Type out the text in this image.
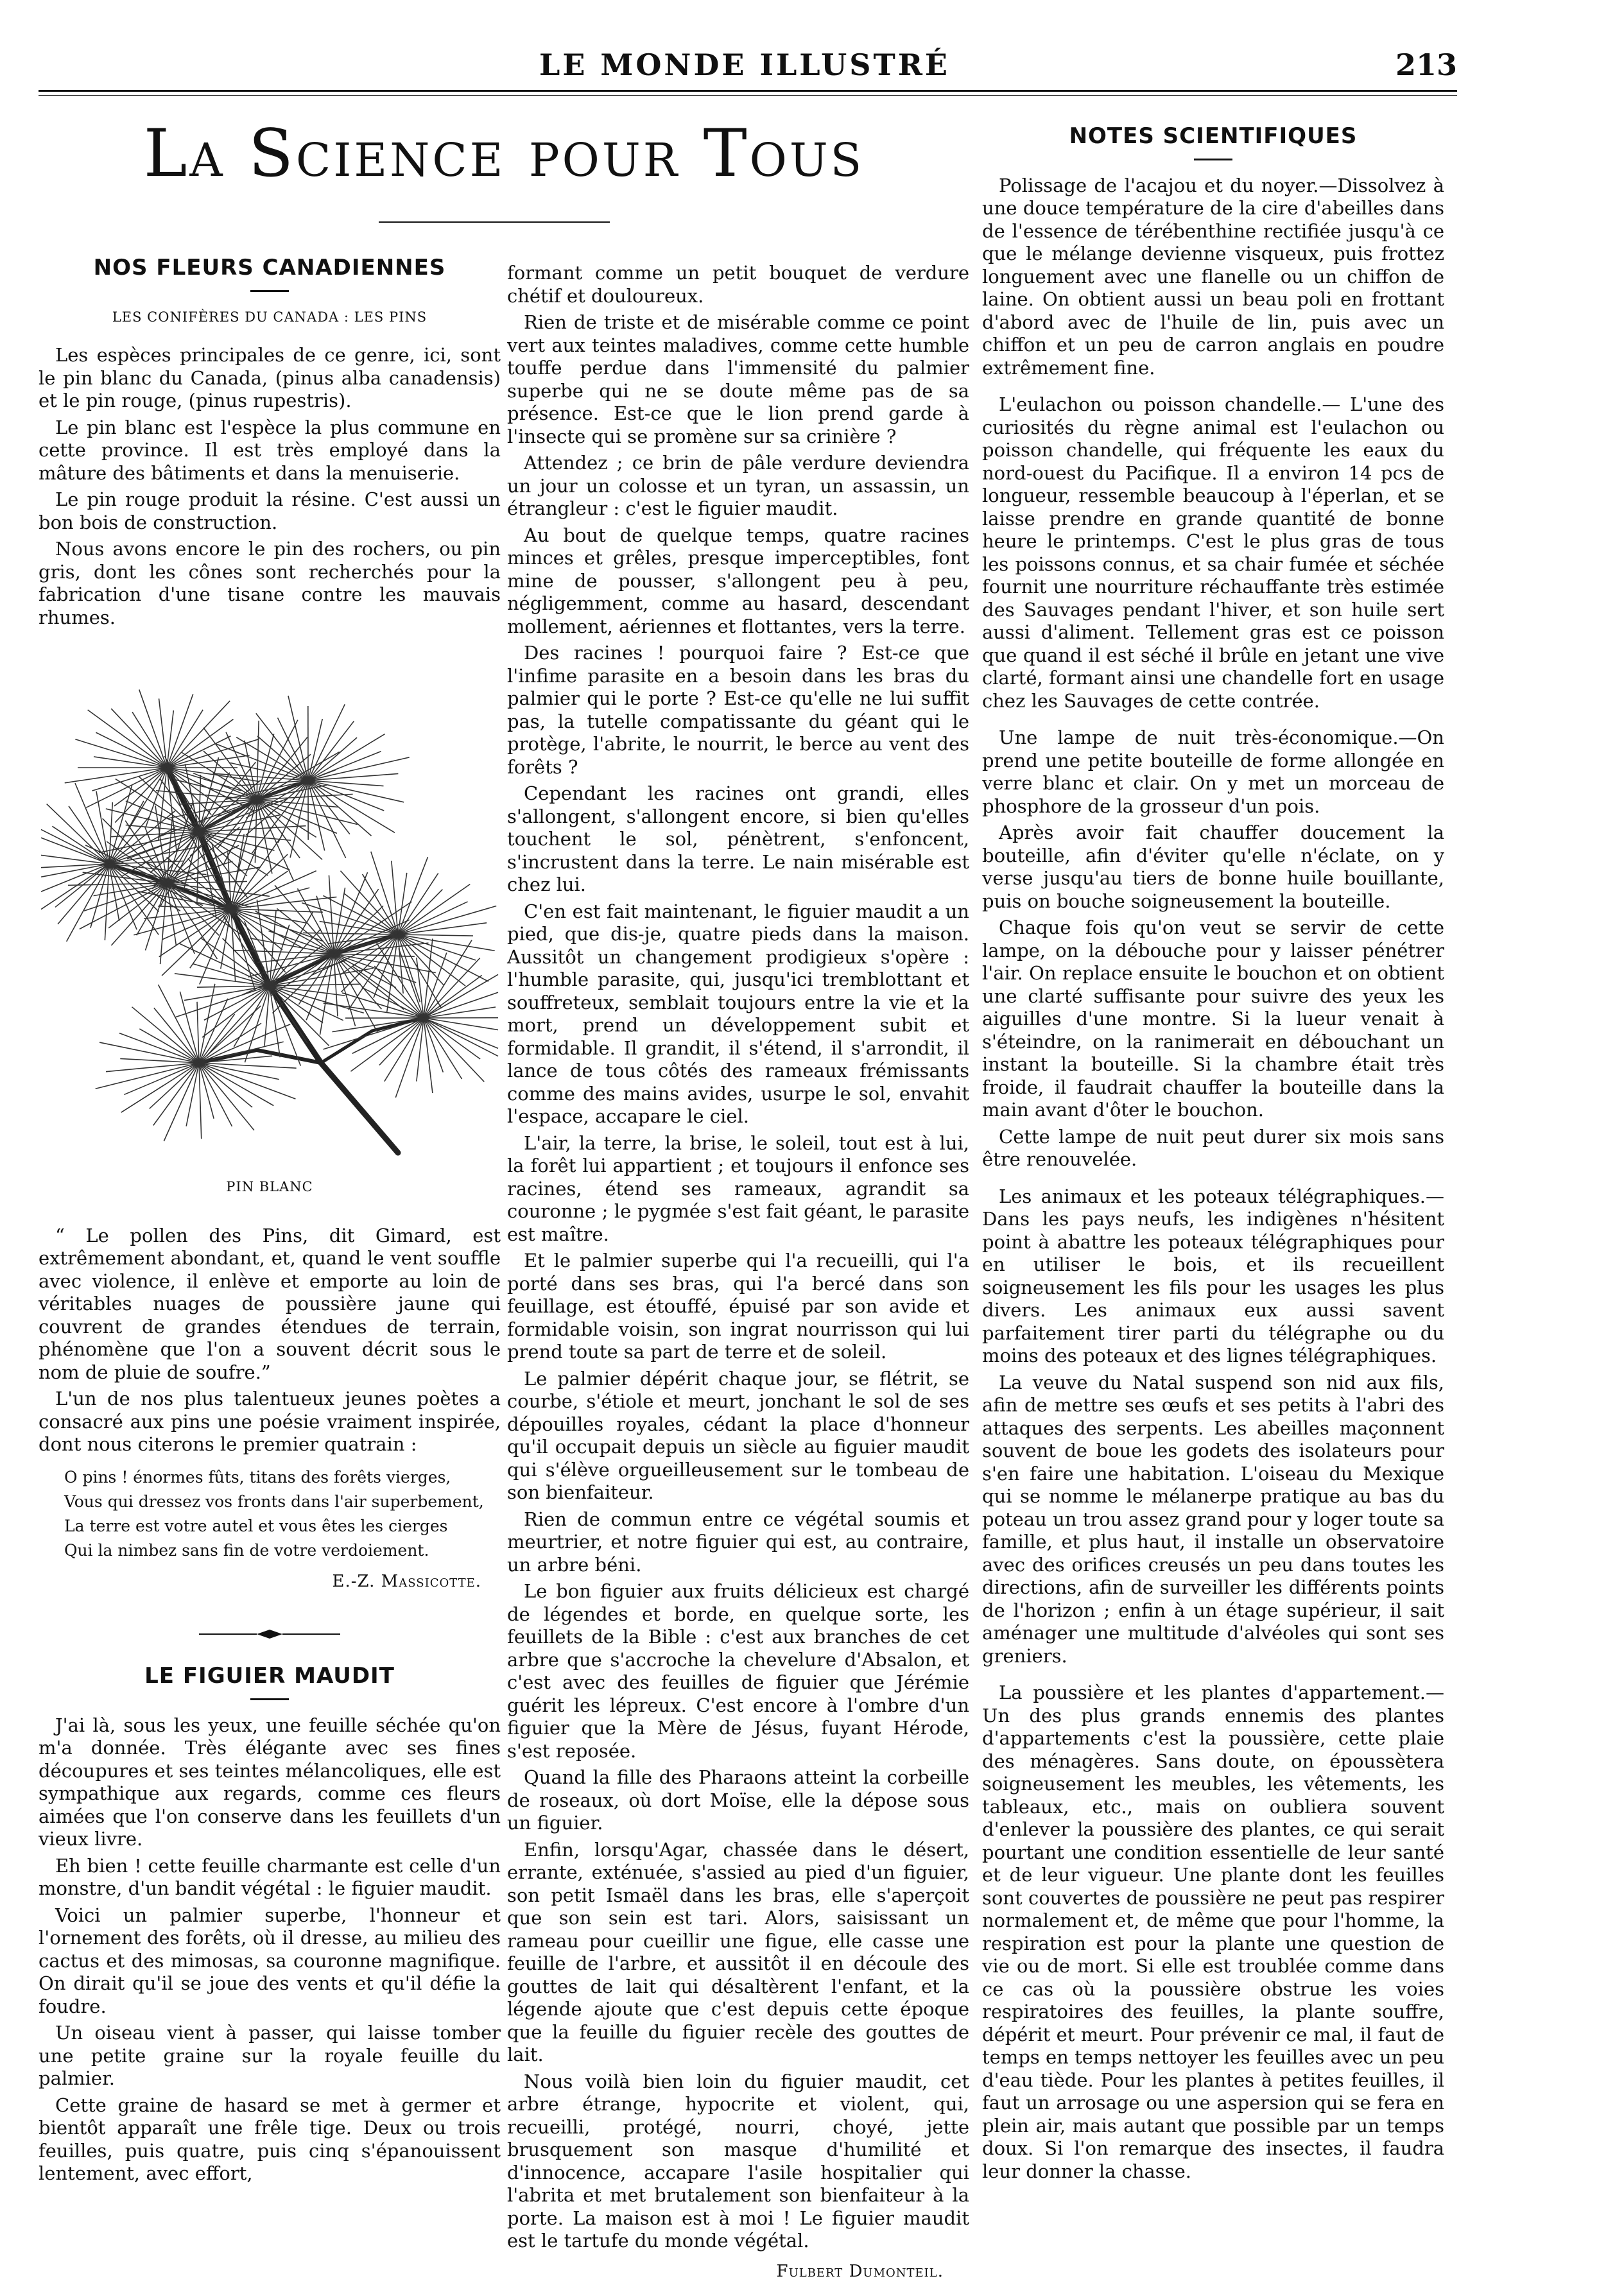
LE MONDE ILLUSTRÉ	213
La Science pour Tous
NOS FLEURS CANADIENNES
LES CONIFÈRES DU CANADA : LES PINS

Les espèces principales de ce genre, ici, sont le pin blanc du Canada, (pinus alba canadensis) et le pin rouge, (pinus rupestris).

Le pin blanc est l'espèce la plus commune en cette province. Il est très employé dans la mâture des bâtiments et dans la menuiserie.

Le pin rouge produit la résine. C'est aussi un bon bois de construction.

Nous avons encore le pin des rochers, ou pin gris, dont les cônes sont recherchés pour la fabrication d'une tisane contre les mauvais rhumes.

PIN BLANC

“ Le pollen des Pins, dit Gimard, est extrêmement abondant, et, quand le vent souffle avec violence, il enlève et emporte au loin de véritables nuages de poussière jaune qui couvrent de grandes étendues de terrain, phénomène que l'on a souvent décrit sous le nom de pluie de soufre.”

L'un de nos plus talentueux jeunes poètes a consacré aux pins une poésie vraiment inspirée, dont nous citerons le premier quatrain :

O pins ! énormes fûts, titans des forêts vierges,
Vous qui dressez vos fronts dans l'air superbement,
La terre est votre autel et vous êtes les cierges
Qui la nimbez sans fin de votre verdoiement.
E.-Z. Massicotte.
LE FIGUIER MAUDIT

J'ai là, sous les yeux, une feuille séchée qu'on m'a donnée. Très élégante avec ses fines découpures et ses teintes mélancoliques, elle est sympathique aux regards, comme ces fleurs aimées que l'on conserve dans les feuillets d'un vieux livre.

Eh bien ! cette feuille charmante est celle d'un monstre, d'un bandit végétal : le figuier maudit.

Voici un palmier superbe, l'honneur et l'ornement des forêts, où il dresse, au milieu des cactus et des mimosas, sa couronne magnifique. On dirait qu'il se joue des vents et qu'il défie la foudre.

Un oiseau vient à passer, qui laisse tomber une petite graine sur la royale feuille du palmier.

Cette graine de hasard se met à germer et bientôt apparaît une frêle tige. Deux ou trois feuilles, puis quatre, puis cinq s'épanouissent lentement, avec effort,

formant comme un petit bouquet de verdure chétif et douloureux.

Rien de triste et de misérable comme ce point vert aux teintes maladives, comme cette humble touffe perdue dans l'immensité du palmier superbe qui ne se doute même pas de sa présence. Est-ce que le lion prend garde à l'insecte qui se promène sur sa crinière ?

Attendez ; ce brin de pâle verdure deviendra un jour un colosse et un tyran, un assassin, un étrangleur : c'est le figuier maudit.

Au bout de quelque temps, quatre racines minces et grêles, presque imperceptibles, font mine de pousser, s'allongent peu à peu, négligemment, comme au hasard, descendant mollement, aériennes et flottantes, vers la terre.

Des racines ! pourquoi faire ? Est-ce que l'infime parasite en a besoin dans les bras du palmier qui le porte ? Est-ce qu'elle ne lui suffit pas, la tutelle compatissante du géant qui le protège, l'abrite, le nourrit, le berce au vent des forêts ?

Cependant les racines ont grandi, elles s'allongent, s'allongent encore, si bien qu'elles touchent le sol, pénètrent, s'enfoncent, s'incrustent dans la terre. Le nain misérable est chez lui.

C'en est fait maintenant, le figuier maudit a un pied, que dis-je, quatre pieds dans la maison. Aussitôt un changement prodigieux s'opère : l'humble parasite, qui, jusqu'ici tremblottant et souffreteux, semblait toujours entre la vie et la mort, prend un développement subit et formidable. Il grandit, il s'étend, il s'arrondit, il lance de tous côtés des rameaux frémissants comme des mains avides, usurpe le sol, envahit l'espace, accapare le ciel.

L'air, la terre, la brise, le soleil, tout est à lui, la forêt lui appartient ; et toujours il enfonce ses racines, étend ses rameaux, agrandit sa couronne ; le pygmée s'est fait géant, le parasite est maître.

Et le palmier superbe qui l'a recueilli, qui l'a porté dans ses bras, qui l'a bercé dans son feuillage, est étouffé, épuisé par son avide et formidable voisin, son ingrat nourrisson qui lui prend toute sa part de terre et de soleil.

Le palmier dépérit chaque jour, se flétrit, se courbe, s'étiole et meurt, jonchant le sol de ses dépouilles royales, cédant la place d'honneur qu'il occupait depuis un siècle au figuier maudit qui s'élève orgueilleusement sur le tombeau de son bienfaiteur.

Rien de commun entre ce végétal soumis et meurtrier, et notre figuier qui est, au contraire, un arbre béni.

Le bon figuier aux fruits délicieux est chargé de légendes et borde, en quelque sorte, les feuillets de la Bible : c'est aux branches de cet arbre que s'accroche la chevelure d'Absalon, et c'est avec des feuilles de figuier que Jérémie guérit les lépreux. C'est encore à l'ombre d'un figuier que la Mère de Jésus, fuyant Hérode, s'est reposée.

Quand la fille des Pharaons atteint la corbeille de roseaux, où dort Moïse, elle la dépose sous un figuier.

Enfin, lorsqu'Agar, chassée dans le désert, errante, exténuée, s'assied au pied d'un figuier, son petit Ismaël dans les bras, elle s'aperçoit que son sein est tari. Alors, saisissant un rameau pour cueillir une figue, elle casse une feuille de l'arbre, et aussitôt il en découle des gouttes de lait qui désaltèrent l'enfant, et la légende ajoute que c'est depuis cette époque que la feuille du figuier recèle des gouttes de lait.

Nous voilà bien loin du figuier maudit, cet arbre étrange, hypocrite et violent, qui, recueilli, protégé, nourri, choyé, jette brusquement son masque d'humilité et d'innocence, accapare l'asile hospitalier qui l'abrita et met brutalement son bienfaiteur à la porte. La maison est à moi ! Le figuier maudit est le tartufe du monde végétal.

Fulbert Dumonteil.
NOTES SCIENTIFIQUES

Polissage de l'acajou et du noyer.—Dissolvez à une douce température de la cire d'abeilles dans de l'essence de térébenthine rectifiée jusqu'à ce que le mélange devienne visqueux, puis frottez longuement avec une flanelle ou un chiffon de laine. On obtient aussi un beau poli en frottant d'abord avec de l'huile de lin, puis avec un chiffon et un peu de carron anglais en poudre extrêmement fine.

L'eulachon ou poisson chandelle.— L'une des curiosités du règne animal est l'eulachon ou poisson chandelle, qui fréquente les eaux du nord-ouest du Pacifique. Il a environ 14 pcs de longueur, ressemble beaucoup à l'éperlan, et se laisse prendre en grande quantité de bonne heure le printemps. C'est le plus gras de tous les poissons connus, et sa chair fumée et séchée fournit une nourriture réchauffante très estimée des Sauvages pendant l'hiver, et son huile sert aussi d'aliment. Tellement gras est ce poisson que quand il est séché il brûle en jetant une vive clarté, formant ainsi une chandelle fort en usage chez les Sauvages de cette contrée.

Une lampe de nuit très-économique.—On prend une petite bouteille de forme allongée en verre blanc et clair. On y met un morceau de phosphore de la grosseur d'un pois.

Après avoir fait chauffer doucement la bouteille, afin d'éviter qu'elle n'éclate, on y verse jusqu'au tiers de bonne huile bouillante, puis on bouche soigneusement la bouteille.

Chaque fois qu'on veut se servir de cette lampe, on la débouche pour y laisser pénétrer l'air. On replace ensuite le bouchon et on obtient une clarté suffisante pour suivre des yeux les aiguilles d'une montre. Si la lueur venait à s'éteindre, on la ranimerait en débouchant un instant la bouteille. Si la chambre était très froide, il faudrait chauffer la bouteille dans la main avant d'ôter le bouchon.

Cette lampe de nuit peut durer six mois sans être renouvelée.

Les animaux et les poteaux télégraphiques.—Dans les pays neufs, les indigènes n'hésitent point à abattre les poteaux télégraphiques pour en utiliser le bois, et ils recueillent soigneusement les fils pour les usages les plus divers. Les animaux eux aussi savent parfaitement tirer parti du télégraphe ou du moins des poteaux et des lignes télégraphiques.

La veuve du Natal suspend son nid aux fils, afin de mettre ses œufs et ses petits à l'abri des attaques des serpents. Les abeilles maçonnent souvent de boue les godets des isolateurs pour s'en faire une habitation. L'oiseau du Mexique qui se nomme le mélanerpe pratique au bas du poteau un trou assez grand pour y loger toute sa famille, et plus haut, il installe un observatoire avec des orifices creusés un peu dans toutes les directions, afin de surveiller les différents points de l'horizon ; enfin à un étage supérieur, il sait aménager une multitude d'alvéoles qui sont ses greniers.

La poussière et les plantes d'appartement.—Un des plus grands ennemis des plantes d'appartements c'est la poussière, cette plaie des ménagères. Sans doute, on époussètera soigneusement les meubles, les vêtements, les tableaux, etc., mais on oubliera souvent d'enlever la poussière des plantes, ce qui serait pourtant une condition essentielle de leur santé et de leur vigueur. Une plante dont les feuilles sont couvertes de poussière ne peut pas respirer normalement et, de même que pour l'homme, la respiration est pour la plante une question de vie ou de mort. Si elle est troublée comme dans ce cas où la poussière obstrue les voies respiratoires des feuilles, la plante souffre, dépérit et meurt. Pour prévenir ce mal, il faut de temps en temps nettoyer les feuilles avec un peu d'eau tiède. Pour les plantes à petites feuilles, il faut un arrosage ou une aspersion qui se fera en plein air, mais autant que possible par un temps doux. Si l'on remarque des insectes, il faudra leur donner la chasse.
